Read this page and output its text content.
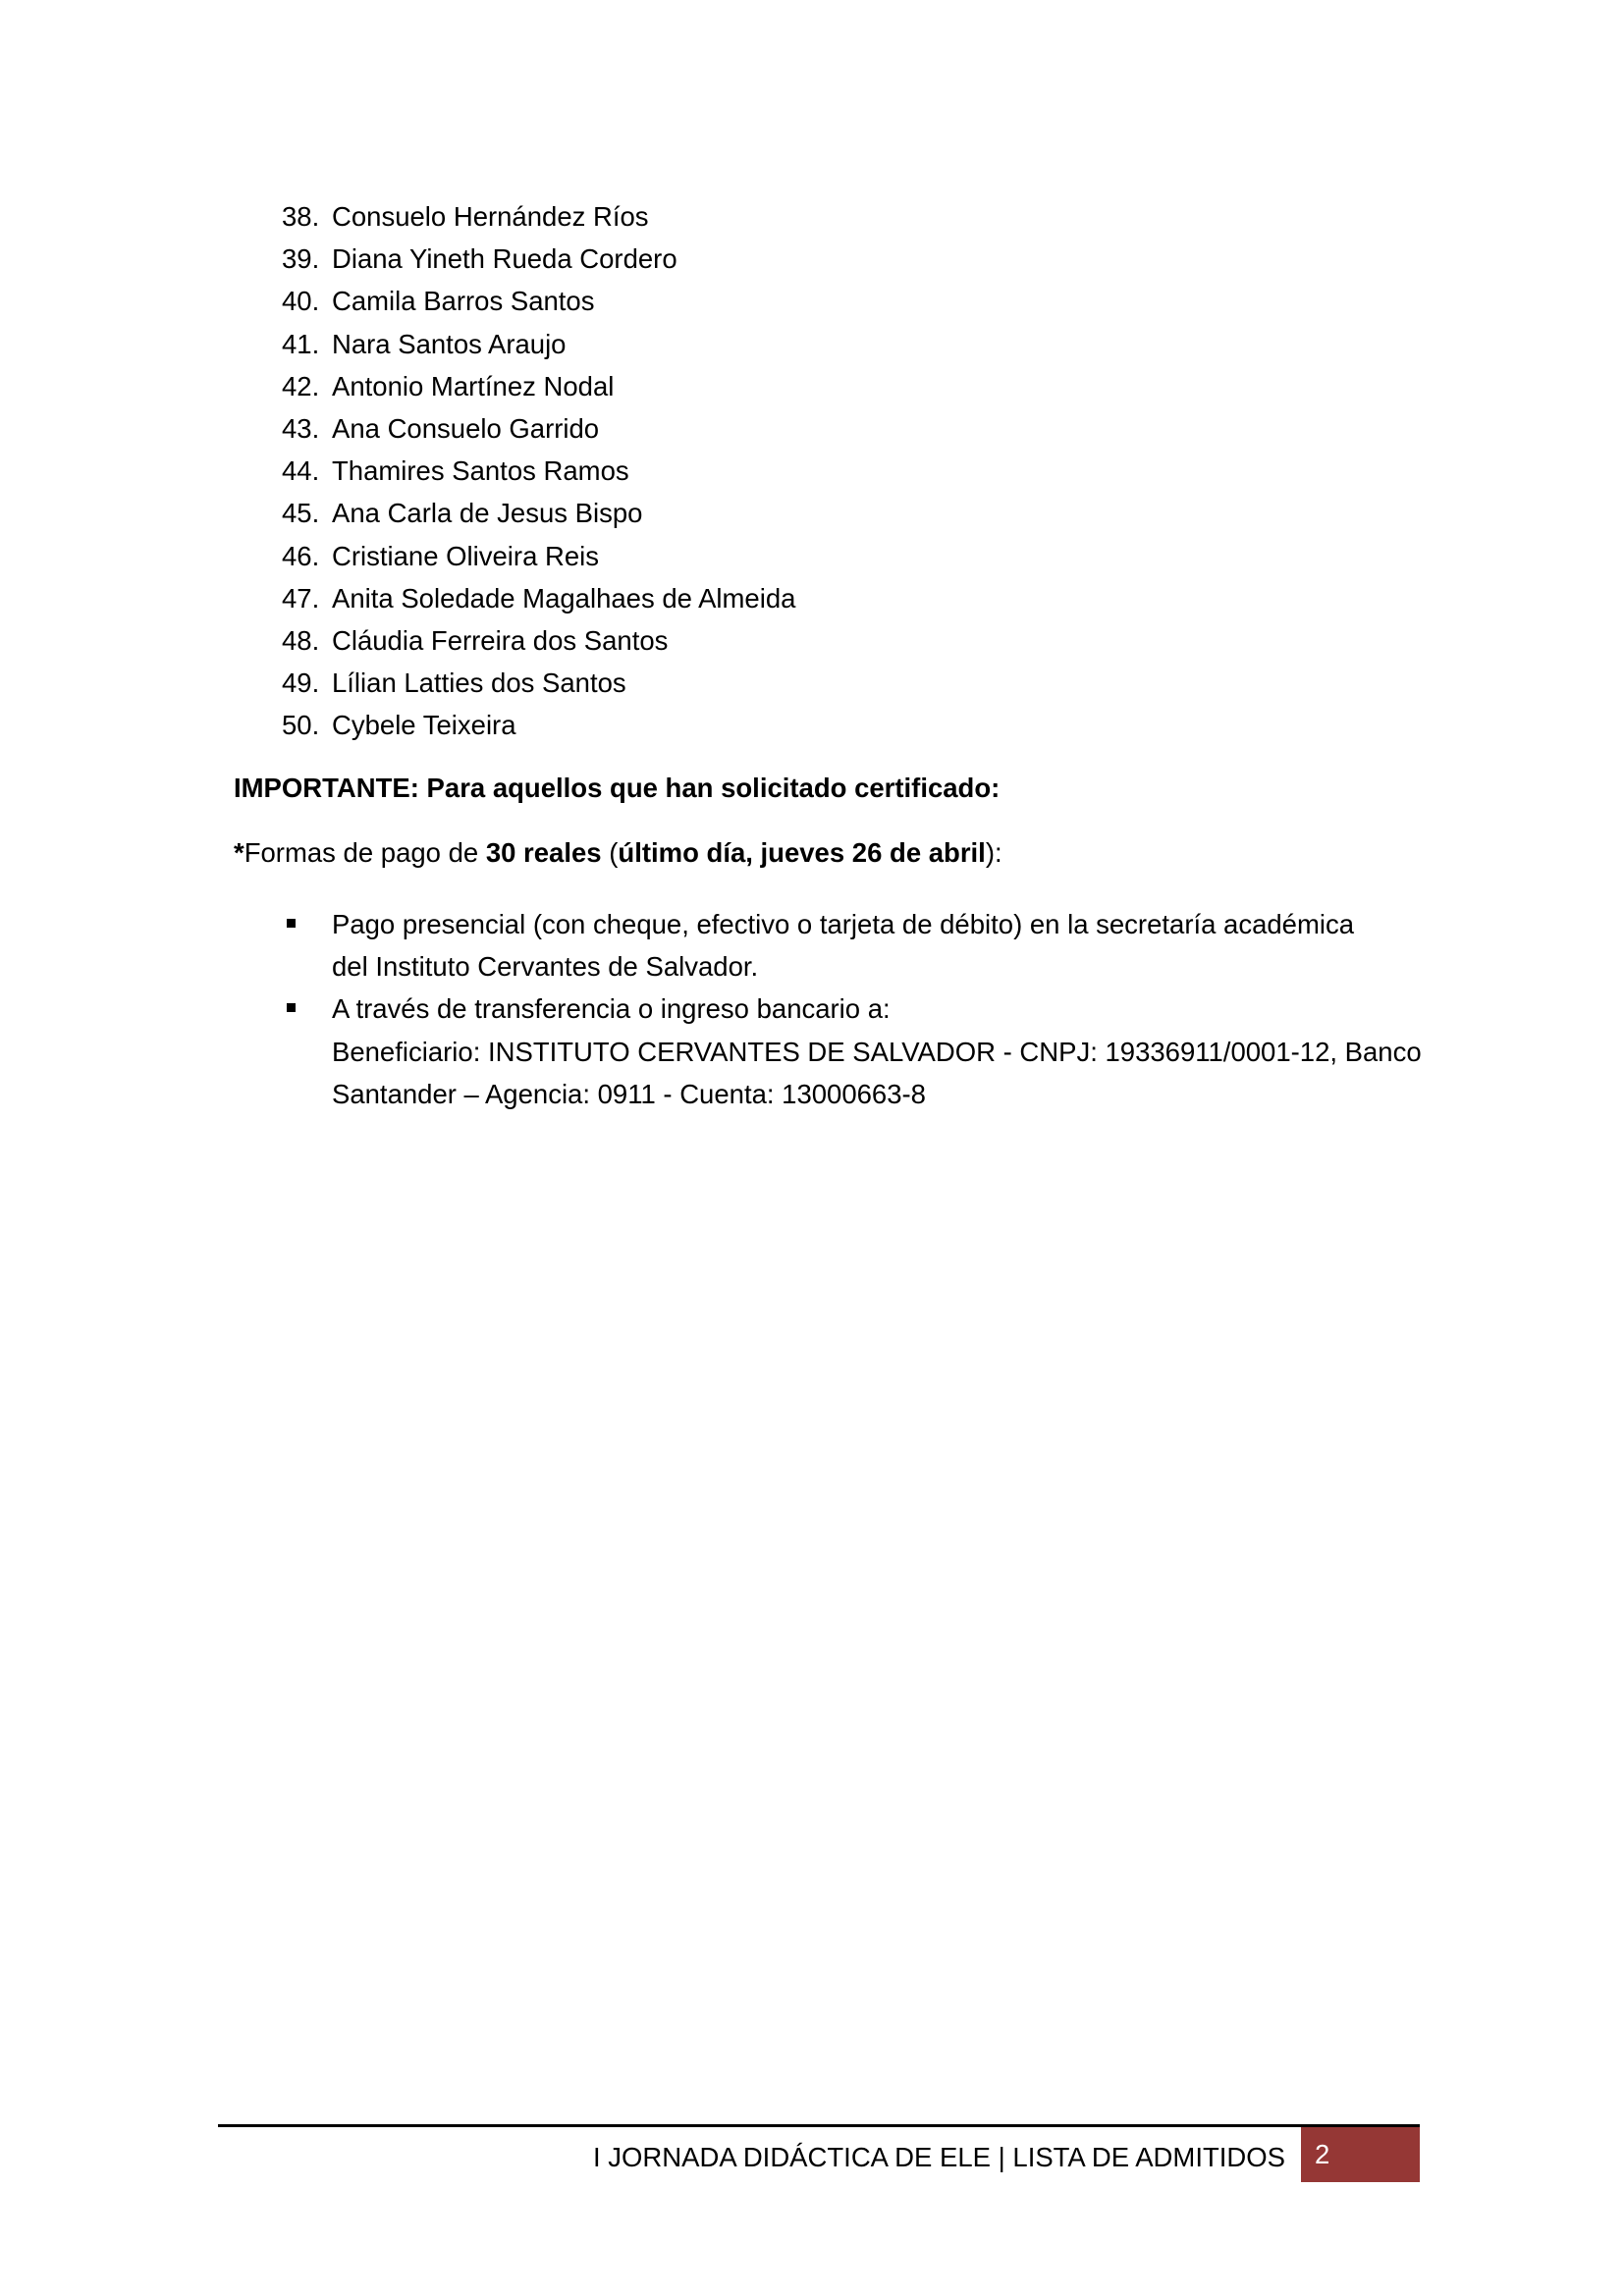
38. Consuelo Hernández Ríos
39. Diana Yineth Rueda Cordero
40. Camila Barros Santos
41. Nara Santos Araujo
42. Antonio Martínez Nodal
43. Ana Consuelo Garrido
44. Thamires Santos Ramos
45. Ana Carla de Jesus Bispo
46. Cristiane Oliveira Reis
47. Anita Soledade Magalhaes de Almeida
48. Cláudia Ferreira dos Santos
49. Lílian Latties dos Santos
50. Cybele Teixeira
IMPORTANTE: Para aquellos que han solicitado certificado:
*Formas de pago de 30 reales (último día, jueves 26 de abril):
Pago presencial (con cheque, efectivo o tarjeta de débito) en la secretaría académica
del Instituto Cervantes de Salvador.
A través de transferencia o ingreso bancario a:
Beneficiario: INSTITUTO CERVANTES DE SALVADOR - CNPJ: 19336911/0001-12, Banco
Santander – Agencia: 0911 - Cuenta: 13000663-8
I JORNADA DIDÁCTICA DE ELE | LISTA DE ADMITIDOS	2
